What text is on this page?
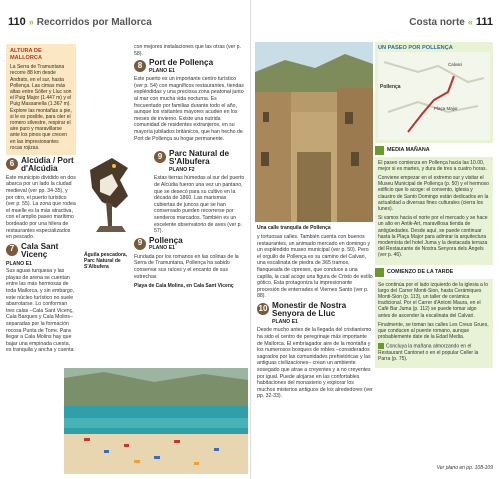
110 » Recorridos por Mallorca
ALTURA DE MALLORCA
La Serra de Tramuntana recorre 88 km desde Andratx, en el sur, hasta Pollença. Las cimas más altas entre Sóller y Lluc son el Puig Major (1.447 m) y el Puig Massanella (1.367 m). Explore las montañas a pie, si le es posible, para oler el romero silvestre, respirar el aire puro y maravillarse ante los pinos que crecen en las impresionantes rocas rojizas.
6 Alcúdia / Port d'Alcúdia

Este municipio dividido en dos abarca por un lado la ciudad medieval (ver pp. 34-35), y por otro, el puerto turístico (ver p. 55). La zona que rodea el muelle es la más atractiva, con el amplio paseo marítimo bordeado por una hilera de restaurantes especializados en pescado.

7 Cala Sant Vicenç
PLANO E1

Sus aguas turquesa y las playas de arena se cuentan entre las más hermosas de toda Mallorca, y sin embargo, este núcleo turístico no suele abarrotarse. Lo conforman tres calas –Cala Sant Vicenç, Cala Barques y Cala Molins– separadas por la formación rocosa Punta de Torre. Para llegar a Cala Molins hay que bajar una empinada cuesta, es tranquila y ancha y cuenta

Águila pescadora, Parc Natural de S'Albufera

con mejores instalaciones que las otras (ver p. 58).

8 Port de Pollença
PLANO E1

Este puerto es un importante centro turístico (ver p. 54) con magníficos restaurantes, tiendas espléndidas y una preciosa zona peatonal junto al mar con mucha vida nocturna. Es frecuentado por familias durante todo el año, aunque los visitantes mayores acuden en los meses de invierno. Existe una nutrida comunidad de residentes extranjeros, en su mayoría jubilados británicos, que han hecho de Port de Pollença su hogar permanente.

9 Parc Natural de S'Albufera
PLANO F2

Estas tierras húmedas al sur del puerto de Alcúdia fueron una vez un pantano, que se desecó para su cultivo en la década de 1860. Las marismas cubiertas de juncos que se han conservado pueden recorrerse por senderos marcados. También es un excelente observatorio de aves (ver p. 57).

9 Pollença
PLANO E1

Fundada por los romanos en las colinas de la Serra de Tramuntana, Pollença ha sabido conservar sus raíces y el encanto de sus estrechas

Playa de Cala Molins, en Cala Sant Vicenç
Costa norte « 111
Una calle tranquila de Pollença

y tortuosas calles. También cuenta con buenos restaurantes, un animado mercado en domingo y un espléndido museo municipal (ver p. 50). Pero el orgullo de Pollença es su camino del Calvari, una escalinata de piedra de 365 tramos, flanqueada de cipreses, que conduce a una capilla, la cual acoge una figura de Cristo de estilo gótico. Esta protagoniza la impresionante procesión de enterrades el Viernes Santo (ver p. 88).

10 Monestir de Nostra Senyora de Lluc
PLANO E1

Desde mucho antes de la llegada del cristianismo ha sido el centro de peregrinaje más importante de Mallorca. El embriagador aire de la montaña y los numerosos bosques de robles –considerados sagrados por las comunidades prehistóricas y las antiguas civilizaciones– crean un ambiente sosegado que atrae a creyentes y a no creyentes por igual. Puede alojarse en las confortables habitaciones del monasterio y explorar los muchos misterios antiguos de los alrededores (ver pp. 32-33).

UN PASEO POR POLLENÇA
Pollença
Calvari
Plaça Major
MEDIA MAÑANA

El paseo comienza en Pollença hacia las 10.00, mejor si es martes, y dura de tres a cuatro horas.

Conviene empezar en el extremo sur y visitar el Museu Municipal de Pollença (p. 50) y el hermoso edificio que lo acoge: el convento, iglesia y claustro de Santo Domingo están dedicados en la actualidad a diversas fines culturales (cierra los lunes).

Si vamos hacia el norte por el mercado y se hace un alto en Antik-Art, maravillosa tienda de antigüedades. Desde aquí, se puede continuar hasta la Plaça Major para admirar la arquitectura modernista del hotel Juma y la destacada terraza del Restaurante de Nostra Senyora dels Àngels (ver p. 46).

COMIENZO DE LA TARDE

Se continúa por el lado izquierdo de la iglesia a lo largo del Carrer Monti-Sion, hasta Cerámiques Monti-Sion (p. 113), un taller de cerámica tradicional. Por el Carrer d'Antoni Maura, en el Cafè Bar Juma (p. 112) se puede tomar algo antes de ascender la escalinata del Calvari.

Finalmente, se toman las calles Les Creus Grues, que conducen al puente romano, aunque probablemente date de la Edad Media.

Concluya la mañana almorzando en el Restaurant Cantonet o en el popular Celler la Parra (p. 75).

Ver plano en pp. 108-109
